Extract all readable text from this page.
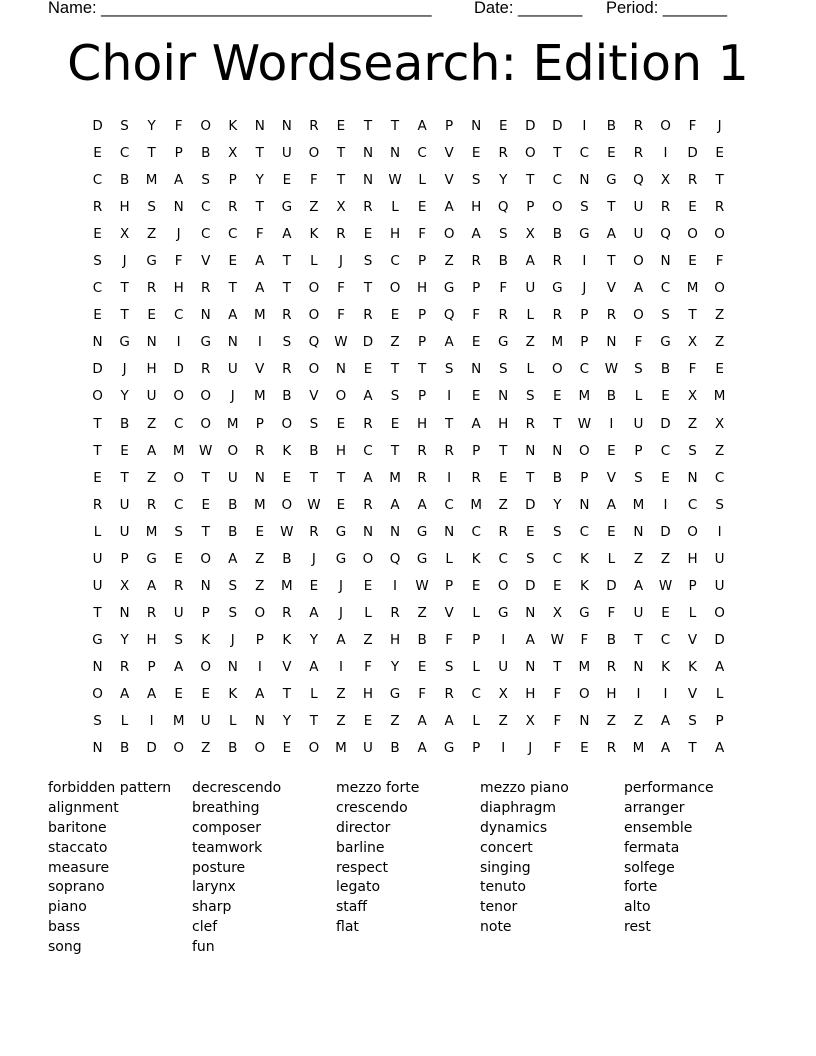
Name: ____________________________________	Date: _______ Period: _______
Choir Wordsearch: Edition 1
D	S	Y	F	O	K	N	N	R	E	T	T	A	P	N	E	D	D	I	B	R	O	F	J
E	C	T	P	B	X	T	U	O	T	N	N	C	V	E	R	O	T	C	E	R	I	D	E
C	B	M	A	S	P	Y	E	F	T	N	W	L	V	S	Y	T	C	N	G	Q	X	R	T
R	H	S	N	C	R	T	G	Z	X	R	L	E	A	H	Q	P	O	S	T	U	R	E	R
E	X	Z	J	C	C	F	A	K	R	E	H	F	O	A	S	X	B	G	A	U	Q	O	O
S	J	G	F	V	E	A	T	L	J	S	C	P	Z	R	B	A	R	I	T	O	N	E	F
C	T	R	H	R	T	A	T	O	F	T	O	H	G	P	F	U	G	J	V	A	C	M	O
E	T	E	C	N	A	M	R	O	F	R	E	P	Q	F	R	L	R	P	R	O	S	T	Z
N	G	N	I	G	N	I	S	Q	W	D	Z	P	A	E	G	Z	M	P	N	F	G	X	Z
D	J	H	D	R	U	V	R	O	N	E	T	T	S	N	S	L	O	C	W	S	B	F	E
O	Y	U	O	O	J	M	B	V	O	A	S	P	I	E	N	S	E	M	B	L	E	X	M
T	B	Z	C	O	M	P	O	S	E	R	E	H	T	A	H	R	T	W	I	U	D	Z	X
T	E	A	M	W	O	R	K	B	H	C	T	R	R	P	T	N	N	O	E	P	C	S	Z
E	T	Z	O	T	U	N	E	T	T	A	M	R	I	R	E	T	B	P	V	S	E	N	C
R	U	R	C	E	B	M	O	W	E	R	A	A	C	M	Z	D	Y	N	A	M	I	C	S
L	U	M	S	T	B	E	W	R	G	N	N	G	N	C	R	E	S	C	E	N	D	O	I
U	P	G	E	O	A	Z	B	J	G	O	Q	G	L	K	C	S	C	K	L	Z	Z	H	U
U	X	A	R	N	S	Z	M	E	J	E	I	W	P	E	O	D	E	K	D	A	W	P	U
T	N	R	U	P	S	O	R	A	J	L	R	Z	V	L	G	N	X	G	F	U	E	L	O
G	Y	H	S	K	J	P	K	Y	A	Z	H	B	F	P	I	A	W	F	B	T	C	V	D
N	R	P	A	O	N	I	V	A	I	F	Y	E	S	L	U	N	T	M	R	N	K	K	A
O	A	A	E	E	K	A	T	L	Z	H	G	F	R	C	X	H	F	O	H	I	I	V	L
S	L	I	M	U	L	N	Y	T	Z	E	Z	A	A	L	Z	X	F	N	Z	Z	A	S	P
N	B	D	O	Z	B	O	E	O	M	U	B	A	G	P	I	J	F	E	R	M	A	T	A
forbidden pattern
alignment
baritone
staccato
measure
soprano
piano
bass
song
decrescendo
breathing
composer
teamwork
posture
larynx
sharp
clef
fun
mezzo forte
crescendo
director
barline
respect
legato
staff
flat
mezzo piano
diaphragm
dynamics
concert
singing
tenuto
tenor
note
performance
arranger
ensemble
fermata
solfege
forte
alto
rest
